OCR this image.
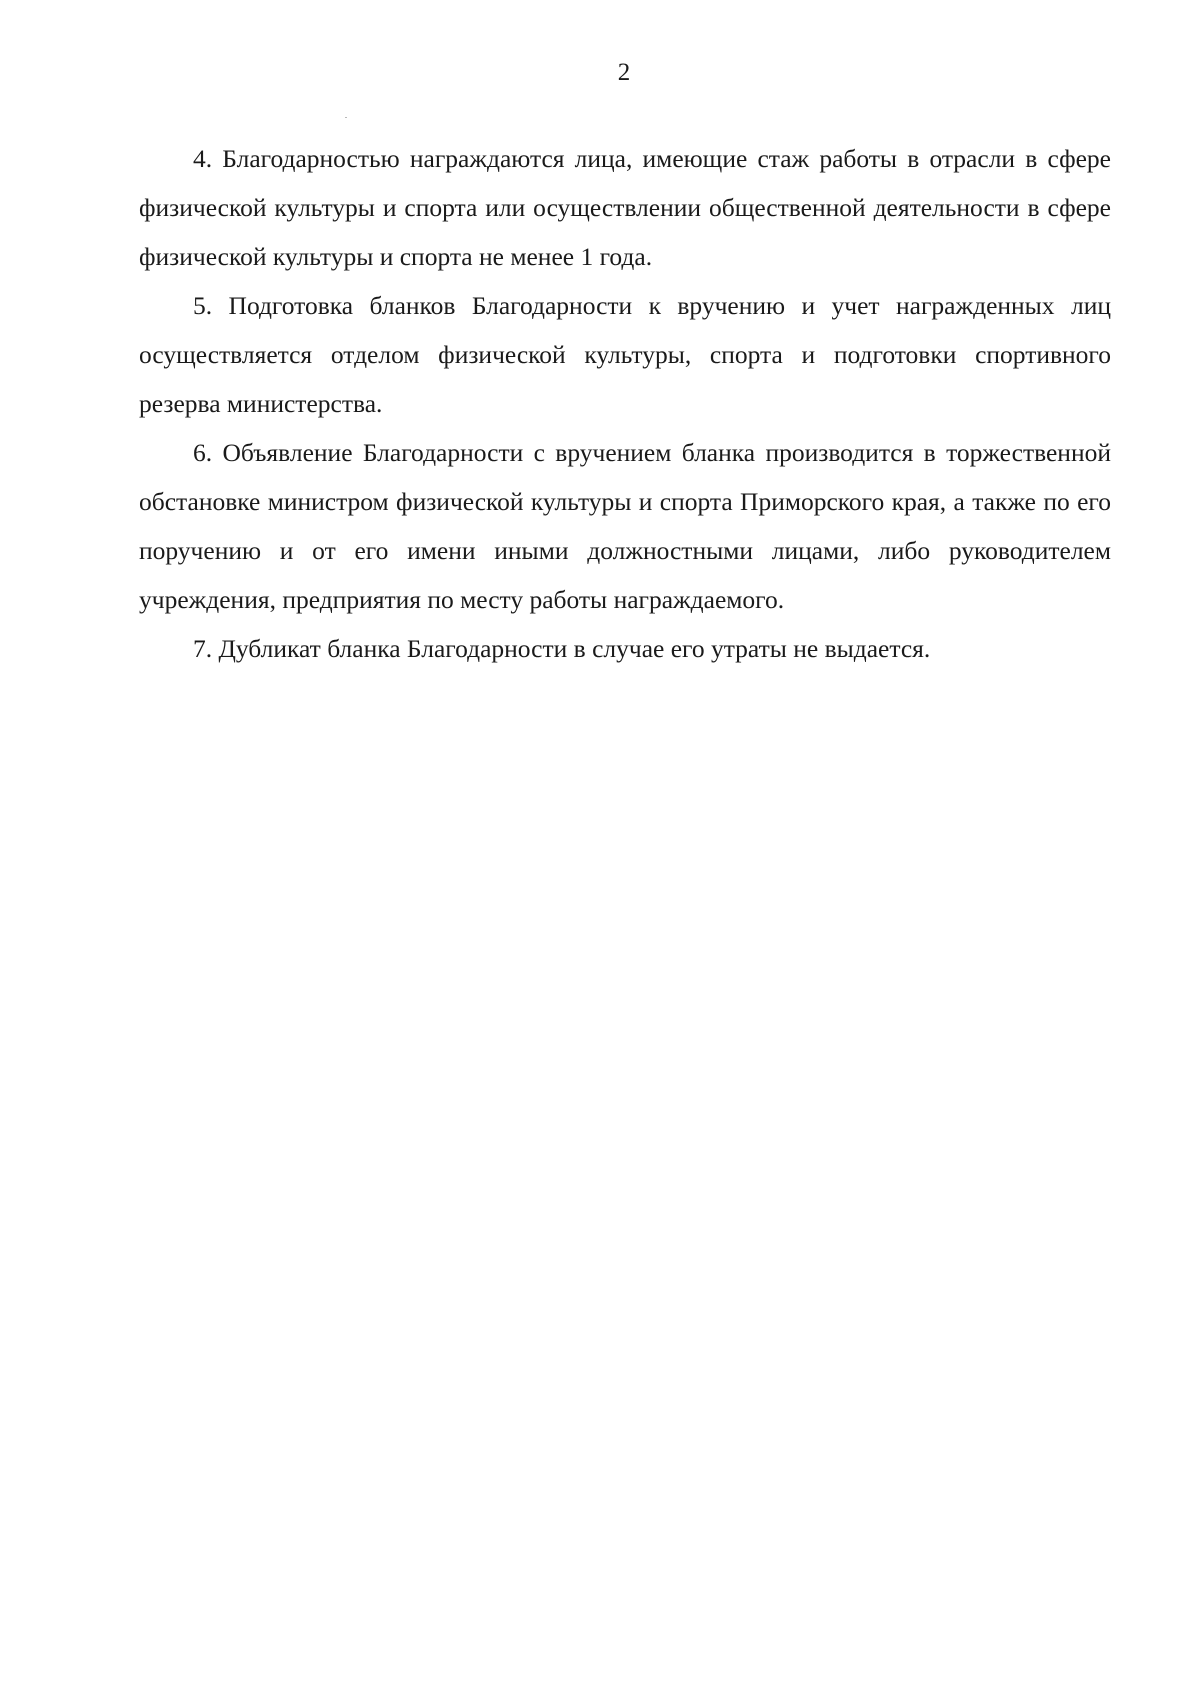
2

4. Благодарностью награждаются лица, имеющие стаж работы в отрасли в сфере физической культуры и спорта или осуществлении общественной деятельности в сфере физической культуры и спорта не менее 1 года.

5. Подготовка бланков Благодарности к вручению и учет награжденных лиц осуществляется отделом физической культуры, спорта и подготовки спортивного резерва министерства.

6. Объявление Благодарности с вручением бланка производится в торжественной обстановке министром физической культуры и спорта Приморского края, а также по его поручению и от его имени иными должностными лицами, либо руководителем учреждения, предприятия по месту работы награждаемого.

7. Дубликат бланка Благодарности в случае его утраты не выдается.
